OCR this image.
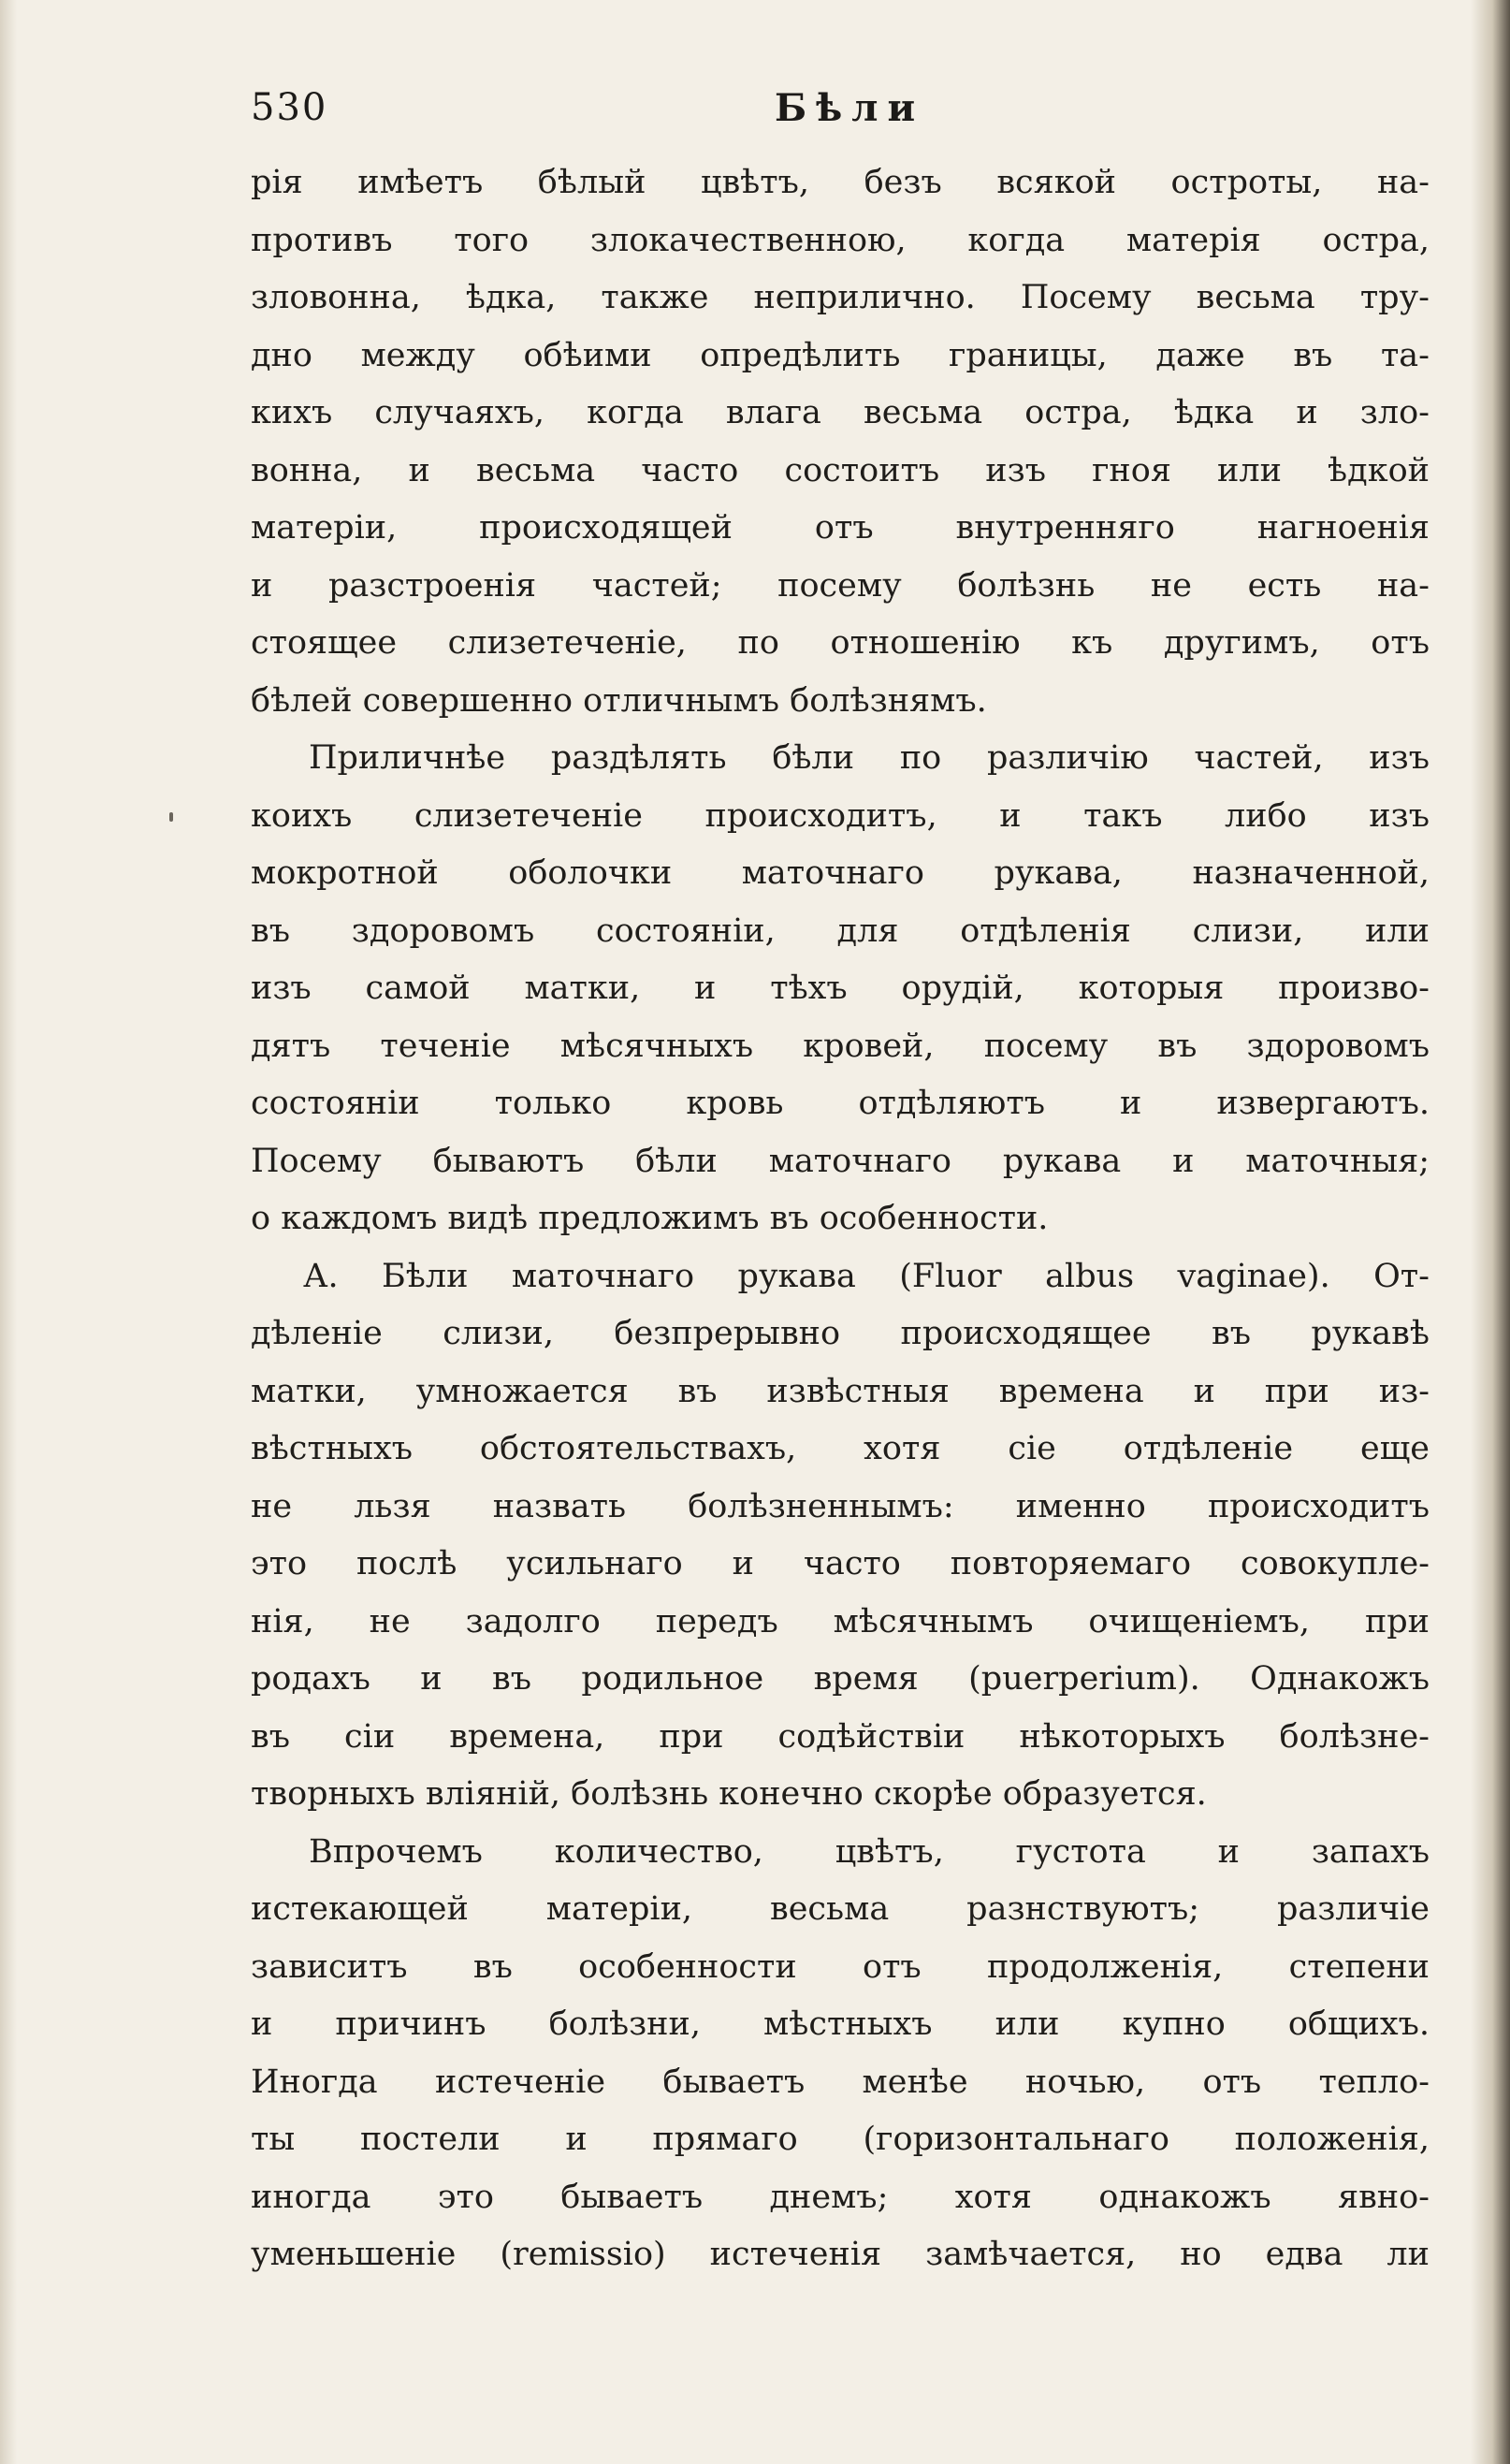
530	Бѣли
рія имѣетъ бѣлый цвѣтъ, безъ всякой остроты, на-
противъ того злокачественною, когда матерія остра,
зловонна, ѣдка, также неприлично. Посему весьма тру-
дно между обѣими опредѣлить границы, даже въ та-
кихъ случаяхъ, когда влага весьма остра, ѣдка и зло-
вонна, и весьма часто состоитъ изъ гноя или ѣдкой
матеріи, происходящей отъ внутренняго нагноенія
и разстроенія частей; посему болѣзнь не есть на-
стоящее слизетеченіе, по отношенію къ другимъ, отъ
бѣлей совершенно отличнымъ болѣзнямъ.
Приличнѣе раздѣлять бѣли по различію частей, изъ
коихъ слизетеченіе происходитъ, и такъ либо изъ
мокротной оболочки маточнаго рукава, назначенной,
въ здоровомъ состояніи, для отдѣленія слизи, или
изъ самой матки, и тѣхъ орудій, которыя произво-
дятъ теченіе мѣсячныхъ кровей, посему въ здоровомъ
состояніи только кровь отдѣляютъ и извергаютъ.
Посему бываютъ бѣли маточнаго рукава и маточныя;
о каждомъ видѣ предложимъ въ особенности.
А. Бѣли маточнаго рукава (Fluor albus vaginae). От-
дѣленіе слизи, безпрерывно происходящее въ рукавѣ
матки, умножается въ извѣстныя времена и при из-
вѣстныхъ обстоятельствахъ, хотя сіе отдѣленіе еще
не льзя назвать болѣзненнымъ: именно происходитъ
это послѣ усильнаго и часто повторяемаго совокупле-
нія, не задолго передъ мѣсячнымъ очищеніемъ, при
родахъ и въ родильное время (puerperium). Однакожъ
въ сіи времена, при содѣйствіи нѣкоторыхъ болѣзне-
творныхъ вліяній, болѣзнь конечно скорѣе образуется.
Впрочемъ количество, цвѣтъ, густота и запахъ
истекающей матеріи, весьма разнствуютъ; различіе
зависитъ въ особенности отъ продолженія, степени
и причинъ болѣзни, мѣстныхъ или купно общихъ.
Иногда истеченіе бываетъ менѣе ночью, отъ тепло-
ты постели и прямаго (горизонтальнаго положенія,
иногда это бываетъ днемъ; хотя однакожъ явно-
уменьшеніе (remissio) истеченія замѣчается, но едва ли
